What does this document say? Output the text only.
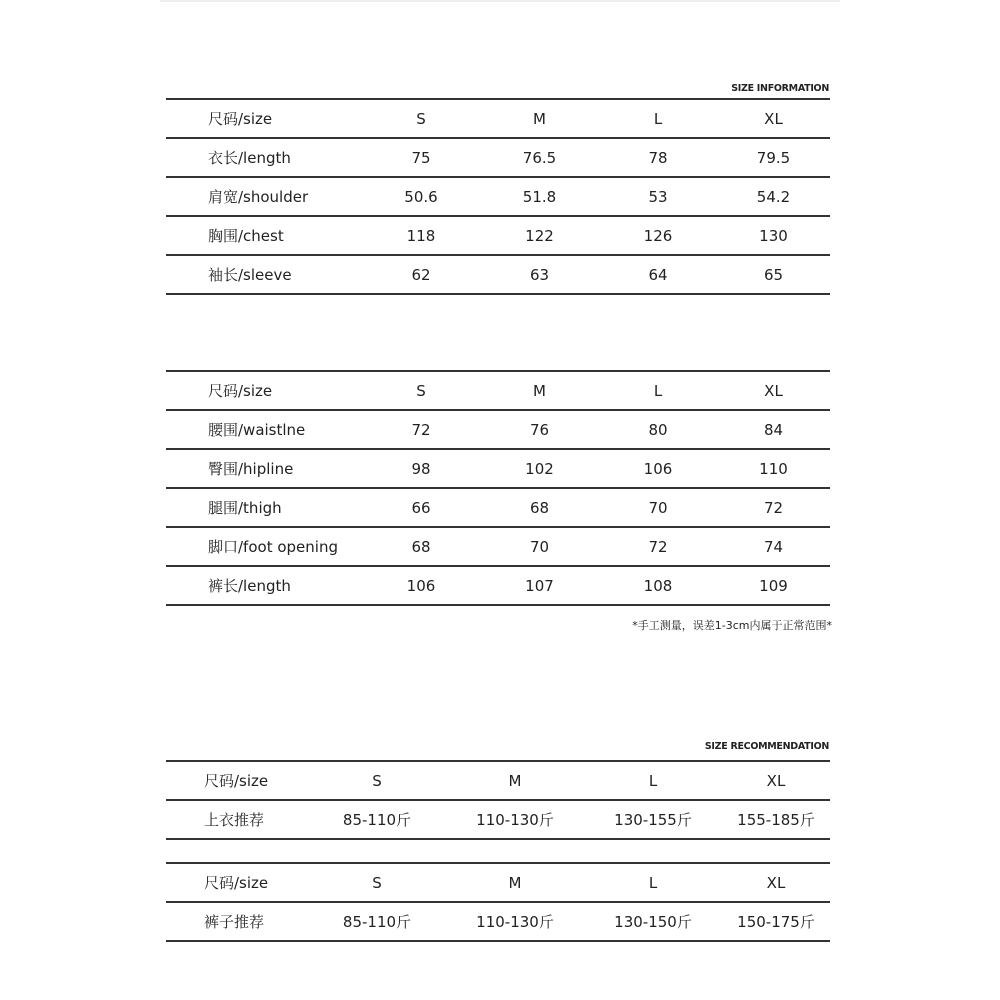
SIZE INFORMATION
尺码/size	S	M	L	XL
衣长/length	75	76.5	78	79.5
肩宽/shoulder	50.6	51.8	53	54.2
胸围/chest	118	122	126	130
袖长/sleeve	62	63	64	65
尺码/size	S	M	L	XL
腰围/waistlne	72	76	80	84
臀围/hipline	98	102	106	110
腿围/thigh	66	68	70	72
脚口/foot opening	68	70	72	74
裤长/length	106	107	108	109
*手工测量，误差1-3cm内属于正常范围*
SIZE RECOMMENDATION
尺码/size	S	M	L	XL
上衣推荐	85-110斤	110-130斤	130-155斤	155-185斤
尺码/size	S	M	L	XL
裤子推荐	85-110斤	110-130斤	130-150斤	150-175斤
